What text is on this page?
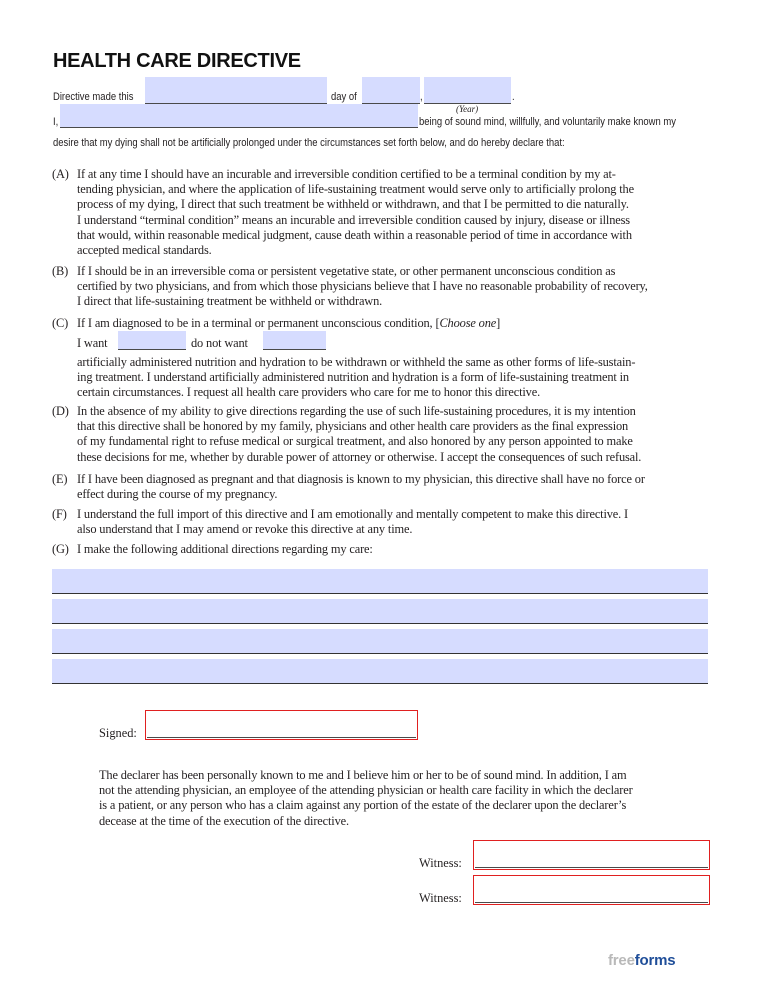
HEALTH CARE DIRECTIVE
Directive made this	day of	,	.
(Year)
I,	being of sound mind, willfully, and voluntarily make known my
desire that my dying shall not be artificially prolonged under the circumstances set forth below, and do hereby declare that:
(A) If at any time I should have an incurable and irreversible condition certified to be a terminal condition by my at-
tending physician, and where the application of life-sustaining treatment would serve only to artificially prolong the
process of my dying, I direct that such treatment be withheld or withdrawn, and that I be permitted to die naturally.
I understand “terminal condition” means an incurable and irreversible condition caused by injury, disease or illness
that would, within reasonable medical judgment, cause death within a reasonable period of time in accordance with
accepted medical standards.
(B) If I should be in an irreversible coma or persistent vegetative state, or other permanent unconscious condition as
certified by two physicians, and from which those physicians believe that I have no reasonable probability of recovery,
I direct that life-sustaining treatment be withheld or withdrawn.
(C) If I am diagnosed to be in a terminal or permanent unconscious condition, [Choose one]
I want	do not want
artificially administered nutrition and hydration to be withdrawn or withheld the same as other forms of life-sustain-
ing treatment. I understand artificially administered nutrition and hydration is a form of life-sustaining treatment in
certain circumstances. I request all health care providers who care for me to honor this directive.
(D) In the absence of my ability to give directions regarding the use of such life-sustaining procedures, it is my intention
that this directive shall be honored by my family, physicians and other health care providers as the final expression
of my fundamental right to refuse medical or surgical treatment, and also honored by any person appointed to make
these decisions for me, whether by durable power of attorney or otherwise. I accept the consequences of such refusal.
(E) If I have been diagnosed as pregnant and that diagnosis is known to my physician, this directive shall have no force or
effect during the course of my pregnancy.
(F) I understand the full import of this directive and I am emotionally and mentally competent to make this directive. I
also understand that I may amend or revoke this directive at any time.
(G) I make the following additional directions regarding my care:
Signed:
The declarer has been personally known to me and I believe him or her to be of sound mind. In addition, I am
not the attending physician, an employee of the attending physician or health care facility in which the declarer
is a patient, or any person who has a claim against any portion of the estate of the declarer upon the declarer’s
decease at the time of the execution of the directive.
Witness:
Witness:
freeforms
